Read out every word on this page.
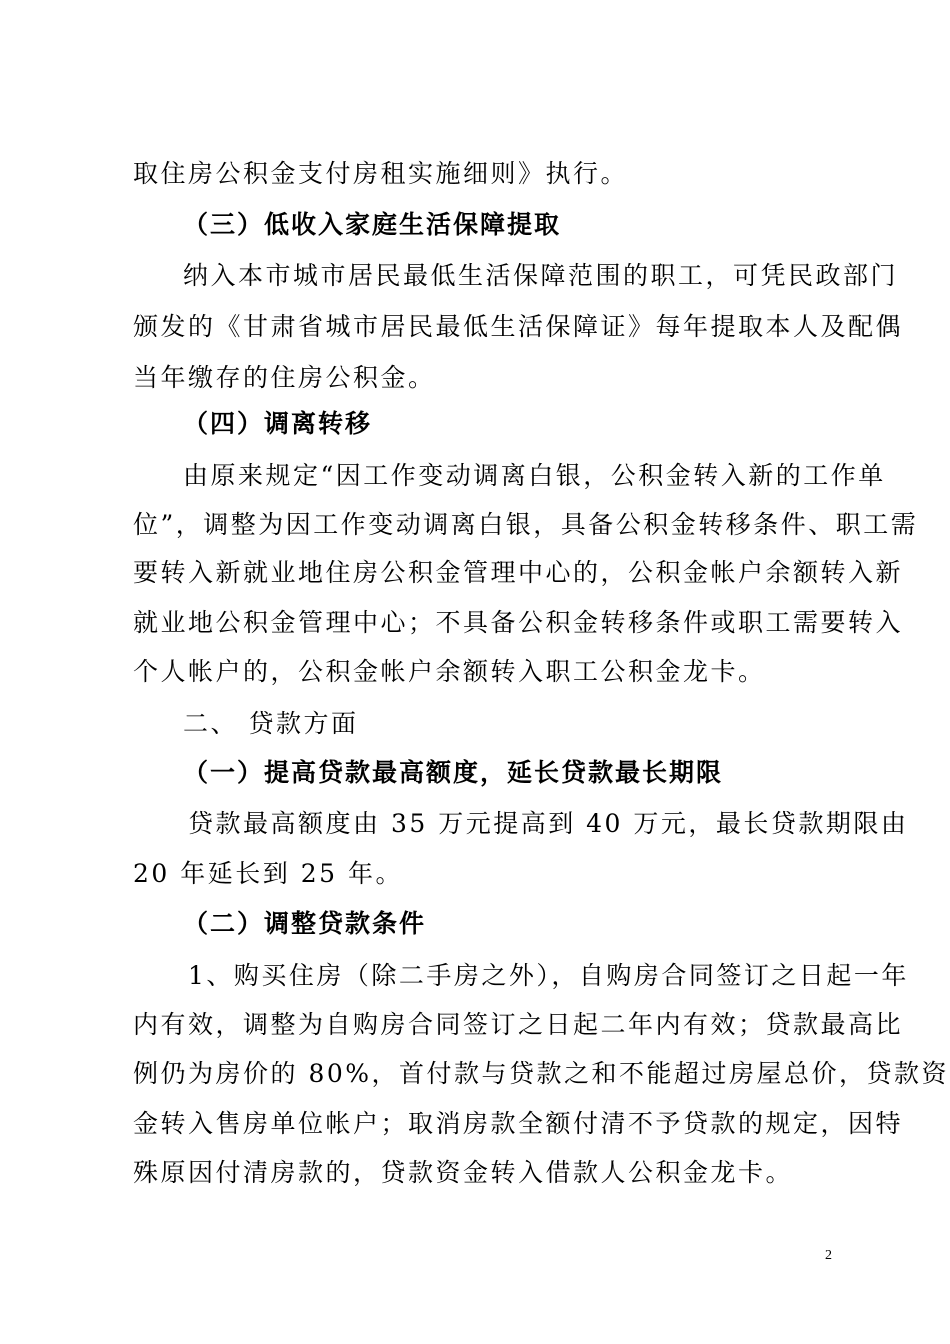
取住房公积金支付房租实施细则》执行。
（三）低收入家庭生活保障提取
纳入本市城市居民最低生活保障范围的职工，可凭民政部门
颁发的《甘肃省城市居民最低生活保障证》每年提取本人及配偶
当年缴存的住房公积金。
（四）调离转移
由原来规定“因工作变动调离白银，公积金转入新的工作单
位”，调整为因工作变动调离白银，具备公积金转移条件、职工需
要转入新就业地住房公积金管理中心的，公积金帐户余额转入新
就业地公积金管理中心；不具备公积金转移条件或职工需要转入
个人帐户的，公积金帐户余额转入职工公积金龙卡。
二、 贷款方面
（一）提高贷款最高额度，延长贷款最长期限
贷款最高额度由 35 万元提高到 40 万元，最长贷款期限由
20 年延长到 25 年。
（二）调整贷款条件
1、购买住房（除二手房之外），自购房合同签订之日起一年
内有效，调整为自购房合同签订之日起二年内有效；贷款最高比
例仍为房价的 80%，首付款与贷款之和不能超过房屋总价，贷款资
金转入售房单位帐户；取消房款全额付清不予贷款的规定，因特
殊原因付清房款的，贷款资金转入借款人公积金龙卡。
2
